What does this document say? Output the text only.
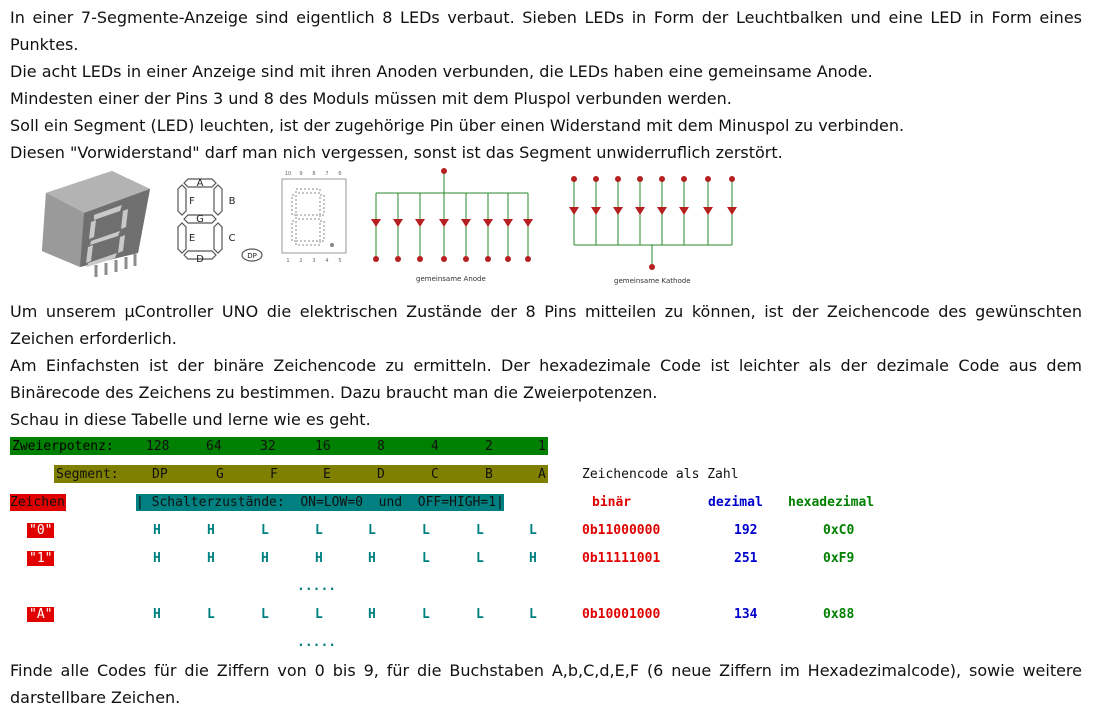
In einer 7-Segmente-Anzeige sind eigentlich 8 LEDs verbaut. Sieben LEDs in Form der Leuchtbalken und eine LED in Form eines Punktes.
Die acht LEDs in einer Anzeige sind mit ihren Anoden verbunden, die LEDs haben eine gemeinsame Anode.
Mindesten einer der Pins 3 und 8 des Moduls müssen mit dem Pluspol verbunden werden.
Soll ein Segment (LED) leuchten, ist der zugehörige Pin über einen Widerstand mit dem Minuspol zu verbinden.
Diesen "Vorwiderstand" darf man nich vergessen, sonst ist das Segment unwiderruflich zerstört.
A
F	B
G
E	C
D	DP
10 9 8 7 6
1 2 3 4 5
gemeinsame Anode	gemeinsame Kathode
Um unserem µController UNO die elektrischen Zustände der 8 Pins mitteilen zu können, ist der Zeichencode des gewünschten Zeichen erforderlich.
Am Einfachsten ist der binäre Zeichencode zu ermitteln. Der hexadezimale Code ist leichter als der dezimale Code aus dem Binärecode des Zeichens zu bestimmen. Dazu braucht man die Zweierpotenzen.
Schau in diese Tabelle und lerne wie es geht.
Zweierpotenz: 128	64	32	16	8	4	2	1
Segment:	DP	G	F	E	D	C	B	A	Zeichencode als Zahl
Zeichen	| Schalterzustände:  ON=LOW=0  und  OFF=HIGH=1|	binär	dezimal hexadezimal
"0"	H	H	L	L	L	L	L	L	0b11000000	192	0xC0
"1"	H	H	H	H	H	L	L	H	0b11111001	251	0xF9
.....
"A"	H	L	L	L	H	L	L	L	0b10001000	134	0x88
.....
Finde alle Codes für die Ziffern von 0 bis 9, für die Buchstaben A,b,C,d,E,F (6 neue Ziffern im Hexadezimalcode), sowie weitere darstellbare Zeichen.
